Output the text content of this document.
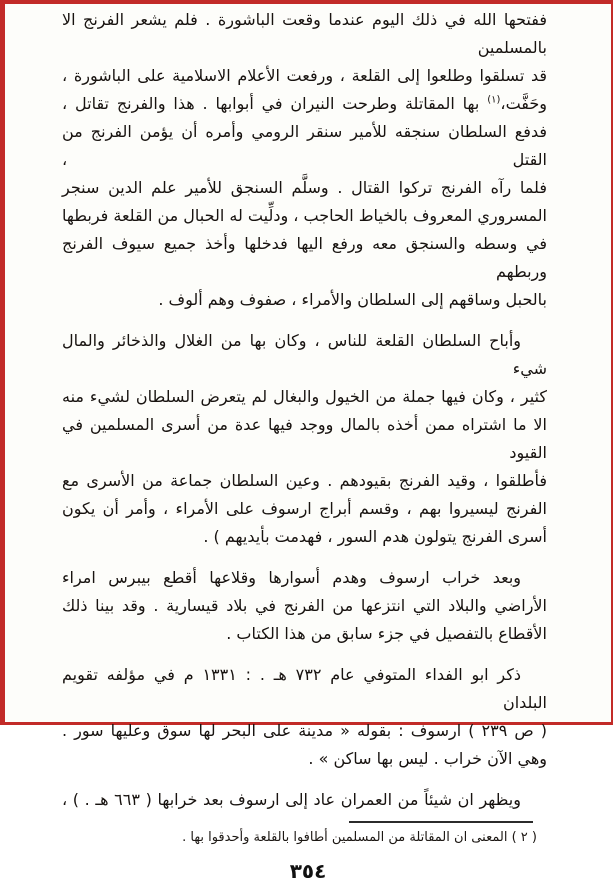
ففتحها الله في ذلك اليوم عندما وقعت الباشورة . فلم يشعر الفرنج الا بالمسلمين
قد تسلقوا وطلعوا إلى القلعة ، ورفعت الأعلام الاسلامية على الباشورة ،
وحَفَّت،$^{(١)}$ بها المقاتلة وطرحت النيران في أبوابها . هذا والفرنج تقاتل ،
فدفع السلطان سنجقه للأمير سنقر الرومي وأمره أن يؤمن الفرنج من القتل ،
فلما رآه الفرنج تركوا القتال . وسلَّم السنجق للأمير علم الدين سنجر
المسروري المعروف بالخياط الحاجب ، ودلِّيت له الحبال من القلعة فربطها
في وسطه والسنجق معه ورفع اليها فدخلها وأخذ جميع سيوف الفرنج وربطهم
بالحبل وساقهم إلى السلطان والأمراء ، صفوف وهم ألوف .
وأباح السلطان القلعة للناس ، وكان بها من الغلال والذخائر والمال شيء
كثير ، وكان فيها جملة من الخيول والبغال لم يتعرض السلطان لشيء منه
الا ما اشتراه ممن أخذه بالمال ووجد فيها عدة من أسرى المسلمين في القيود
فأطلقوا ، وقيد الفرنج بقيودهم . وعين السلطان جماعة من الأسرى مع
الفرنج ليسيروا بهم ، وقسم أبراج ارسوف على الأمراء ، وأمر أن يكون
أسرى الفرنج يتولون هدم السور ، فهدمت بأيديهم ) .
وبعد خراب ارسوف وهدم أسوارها وقلاعها أقطع بيبرس امراء
الأراضي والبلاد التي انتزعها من الفرنج في بلاد قيسارية . وقد بينا ذلك
الأقطاع بالتفصيل في جزء سابق من هذا الكتاب .
ذكر ابو الفداء المتوفي عام ٧٣٢ هـ . : ١٣٣١ م في مؤلفه تقويم البلدان
( ص ٢٣٩ ) ارسوف : بقوله « مدينة على البحر لها سوق وعليها سور .
وهي الآن خراب . ليس بها ساكن » .
ويظهر ان شيئاً من العمران عاد إلى ارسوف بعد خرابها ( ٦٦٣ هـ . ) ،
( ٢ ) المعنى ان المقاتلة من المسلمين أطافوا بالقلعة وأحدقوا بها .
٣٥٤
